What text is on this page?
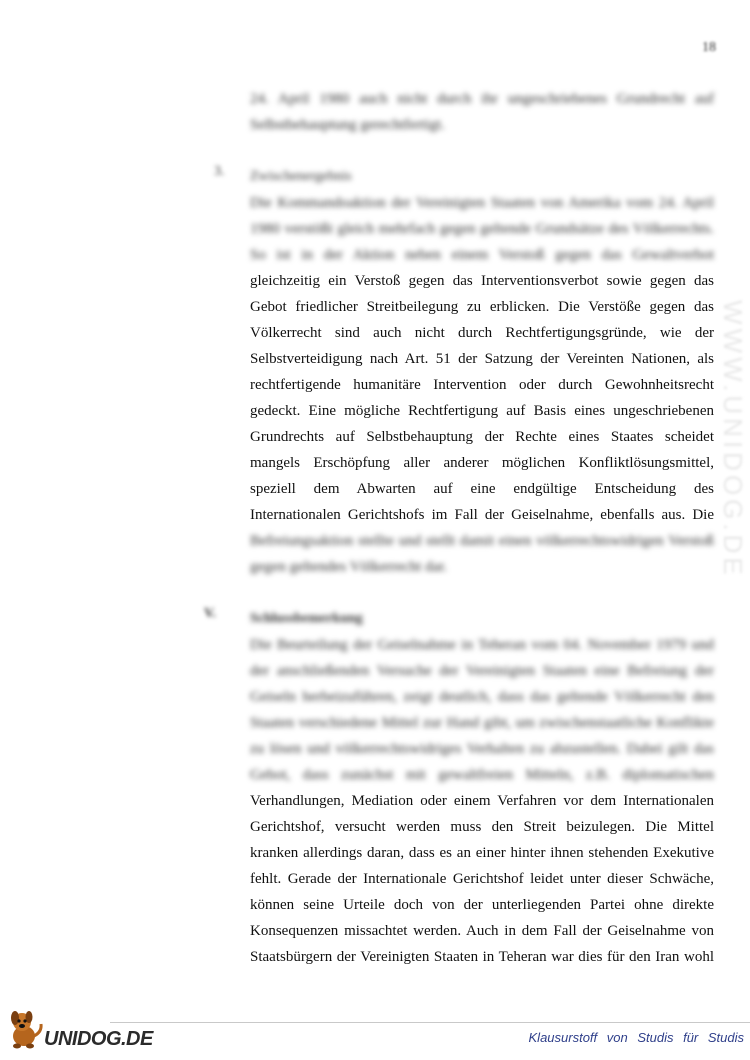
18
24. April 1980 auch nicht durch ihr ungeschriebenes Grundrecht auf
Selbstbehauptung gerechtfertigt.
3. Zwischenergebnis
Die Kommandoaktion der Vereinigten Staaten von Amerika vom 24. April
1980 verstößt gleich mehrfach gegen geltende Grundsätze des Völkerrechts.
So ist in der Aktion neben einem Verstoß gegen das Gewaltverbot
gleichzeitig ein Verstoß gegen das Interventionsverbot sowie gegen das
Gebot friedlicher Streitbeilegung zu erblicken. Die Verstöße gegen das
Völkerrecht sind auch nicht durch Rechtfertigungsgründe, wie der
Selbstverteidigung nach Art. 51 der Satzung der Vereinten Nationen, als
rechtfertigende humanitäre Intervention oder durch Gewohnheitsrecht
gedeckt. Eine mögliche Rechtfertigung auf Basis eines ungeschriebenen
Grundrechts auf Selbstbehauptung der Rechte eines Staates scheidet
mangels Erschöpfung aller anderer möglichen Konfliktlösungsmittel,
speziell dem Abwarten auf eine endgültige Entscheidung des
Internationalen Gerichtshofs im Fall der Geiselnahme, ebenfalls aus. Die
Befreiungsaktion stellte und stellt damit einen völkerrechtswidrigen Verstoß
gegen geltendes Völkerrecht dar.
V. Schlussbemerkung
Die Beurteilung der Geiselnahme in Teheran vom 04. November 1979 und
der anschließenden Versuche der Vereinigten Staaten eine Befreiung der
Geiseln herbeizuführen, zeigt deutlich, dass das geltende Völkerrecht den
Staaten verschiedene Mittel zur Hand gibt, um zwischenstaatliche Konflikte
zu lösen und völkerrechtswidriges Verhalten zu abzustellen. Dabei gilt das
Gebot, dass zunächst mit gewaltfreien Mitteln, z.B. diplomatischen
Verhandlungen, Mediation oder einem Verfahren vor dem Internationalen
Gerichtshof, versucht werden muss den Streit beizulegen. Die Mittel
kranken allerdings daran, dass es an einer hinter ihnen stehenden Exekutive
fehlt. Gerade der Internationale Gerichtshof leidet unter dieser Schwäche,
können seine Urteile doch von der unterliegenden Partei ohne direkte
Konsequenzen missachtet werden. Auch in dem Fall der Geiselnahme von
Staatsbürgern der Vereinigten Staaten in Teheran war dies für den Iran wohl
WWW.UNIDOG.DE
UNIDOG.DE	Klausurstoff von Studis für Studis
